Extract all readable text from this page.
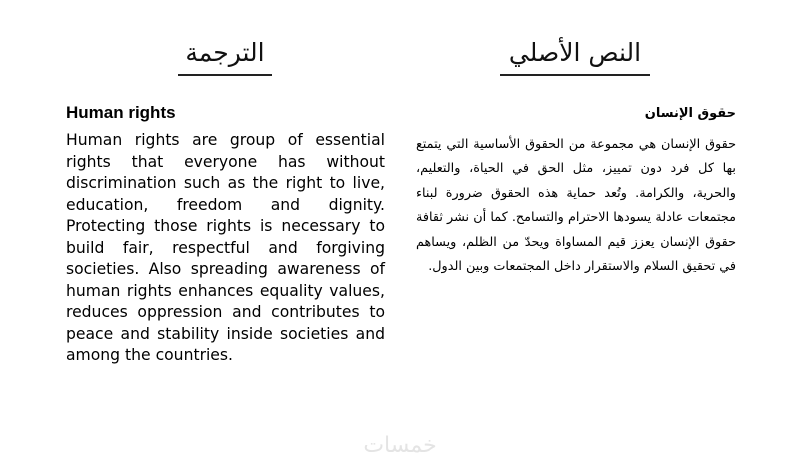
الترجمة	النص الأصلي
Human rights

Human rights are group of essential rights that everyone has without discrimination such as the right to live, education, freedom and dignity. Protecting those rights is necessary to build fair, respectful and forgiving societies. Also spreading awareness of human rights enhances equality values, reduces oppression and contributes to peace and stability inside societies and among the countries.

حقوق الإنسان

حقوق الإنسان هي مجموعة من الحقوق الأساسية التي يتمتع بها كل فرد دون تمييز، مثل الحق في الحياة، والتعليم، والحرية، والكرامة. وتُعد حماية هذه الحقوق ضرورة لبناء مجتمعات عادلة يسودها الاحترام والتسامح. كما أن نشر ثقافة حقوق الإنسان يعزز قيم المساواة ويحدّ من الظلم، ويساهم في تحقيق السلام والاستقرار داخل المجتمعات وبين الدول.

خمسات
